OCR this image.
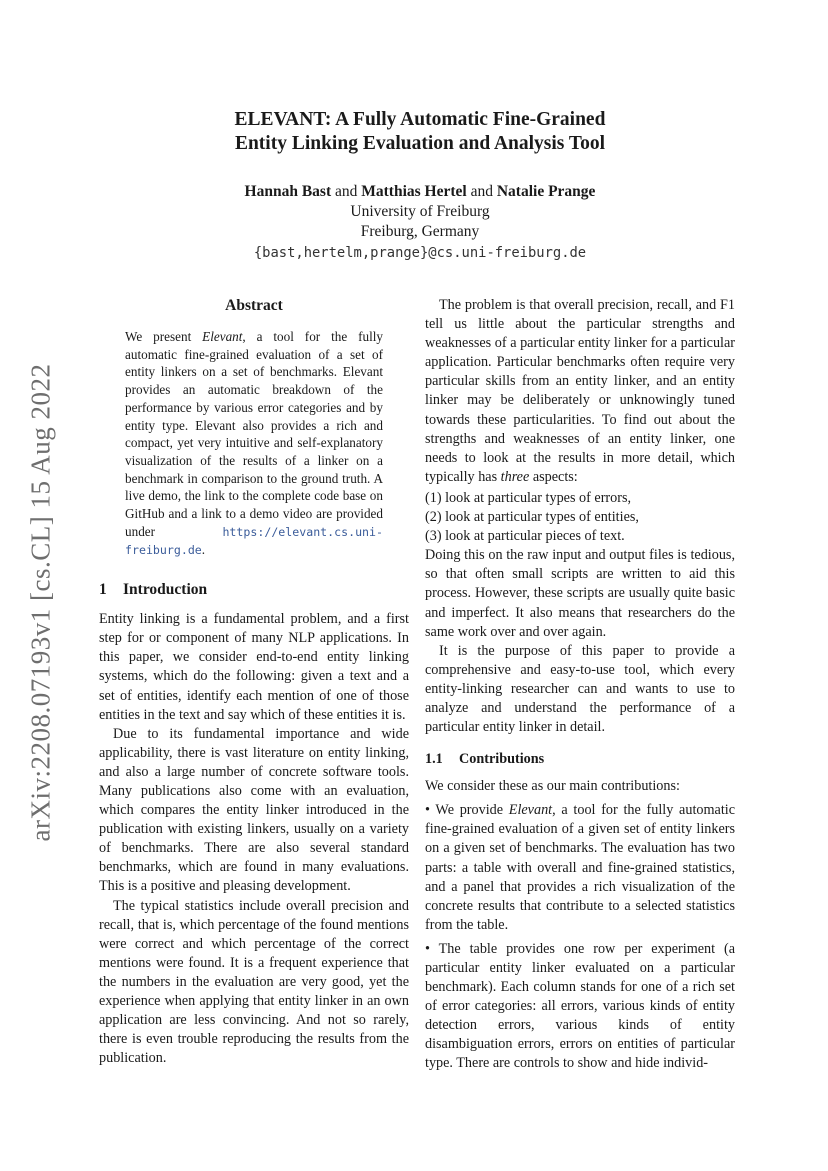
arXiv:2208.07193v1 [cs.CL] 15 Aug 2022
ELEVANT: A Fully Automatic Fine-Grained
Entity Linking Evaluation and Analysis Tool
Hannah Bast and Matthias Hertel and Natalie Prange
University of Freiburg
Freiburg, Germany
{bast,hertelm,prange}@cs.uni-freiburg.de
Abstract

We present Elevant, a tool for the fully automatic fine-grained evaluation of a set of entity linkers on a set of benchmarks. Elevant provides an automatic breakdown of the performance by various error categories and by entity type. Elevant also provides a rich and compact, yet very intuitive and self-explanatory visualization of the results of a linker on a benchmark in comparison to the ground truth. A live demo, the link to the complete code base on GitHub and a link to a demo video are provided under https://elevant.cs.uni-freiburg.de.

1 Introduction

Entity linking is a fundamental problem, and a first step for or component of many NLP applications. In this paper, we consider end-to-end entity linking systems, which do the following: given a text and a set of entities, identify each mention of one of those entities in the text and say which of these entities it is.

Due to its fundamental importance and wide applicability, there is vast literature on entity linking, and also a large number of concrete software tools. Many publications also come with an evaluation, which compares the entity linker introduced in the publication with existing linkers, usually on a variety of benchmarks. There are also several standard benchmarks, which are found in many evaluations. This is a positive and pleasing development.

The typical statistics include overall precision and recall, that is, which percentage of the found mentions were correct and which percentage of the correct mentions were found. It is a frequent experience that the numbers in the evaluation are very good, yet the experience when applying that entity linker in an own application are less convincing. And not so rarely, there is even trouble reproducing the results from the publication.

The problem is that overall precision, recall, and F1 tell us little about the particular strengths and weaknesses of a particular entity linker for a particular application. Particular benchmarks often require very particular skills from an entity linker, and an entity linker may be deliberately or unknowingly tuned towards these particularities. To find out about the strengths and weaknesses of an entity linker, one needs to look at the results in more detail, which typically has three aspects:

(1) look at particular types of errors,
(2) look at particular types of entities,
(3) look at particular pieces of text.

Doing this on the raw input and output files is tedious, so that often small scripts are written to aid this process. However, these scripts are usually quite basic and imperfect. It also means that researchers do the same work over and over again.

It is the purpose of this paper to provide a comprehensive and easy-to-use tool, which every entity-linking researcher can and wants to use to analyze and understand the performance of a particular entity linker in detail.

1.1 Contributions

We consider these as our main contributions:

• We provide Elevant, a tool for the fully automatic fine-grained evaluation of a given set of entity linkers on a given set of benchmarks. The evaluation has two parts: a table with overall and fine-grained statistics, and a panel that provides a rich visualization of the concrete results that contribute to a selected statistics from the table.

• The table provides one row per experiment (a particular entity linker evaluated on a particular benchmark). Each column stands for one of a rich set of error categories: all errors, various kinds of entity detection errors, various kinds of entity disambiguation errors, errors on entities of particular type. There are controls to show and hide individ-
